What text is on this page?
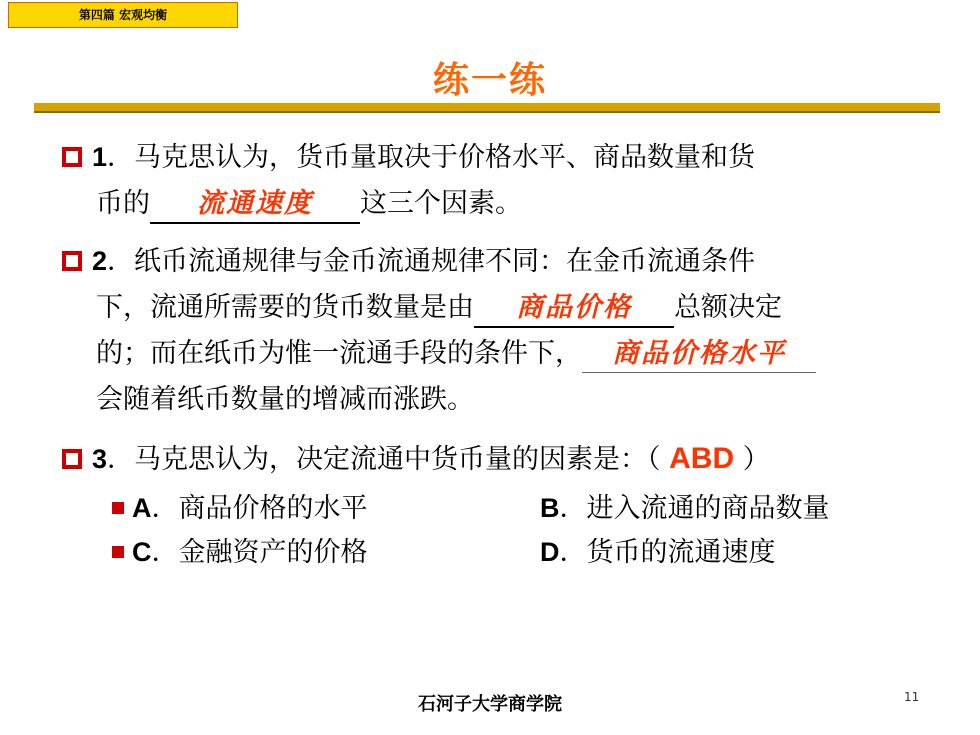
第四篇 宏观均衡
练一练
1．马克思认为，货币量取决于价格水平、商品数量和货
币的 流通速度 这三个因素。
2．纸币流通规律与金币流通规律不同：在金币流通条件
下，流通所需要的货币数量是由 商品价格 总额决定
的；而在纸币为惟一流通手段的条件下， 商品价格水平
会随着纸币数量的增减而涨跌。
3．马克思认为，决定流通中货币量的因素是：（ ABD ）
A．商品价格的水平	B．进入流通的商品数量
C．金融资产的价格	D．货币的流通速度
石河子大学商学院	11
